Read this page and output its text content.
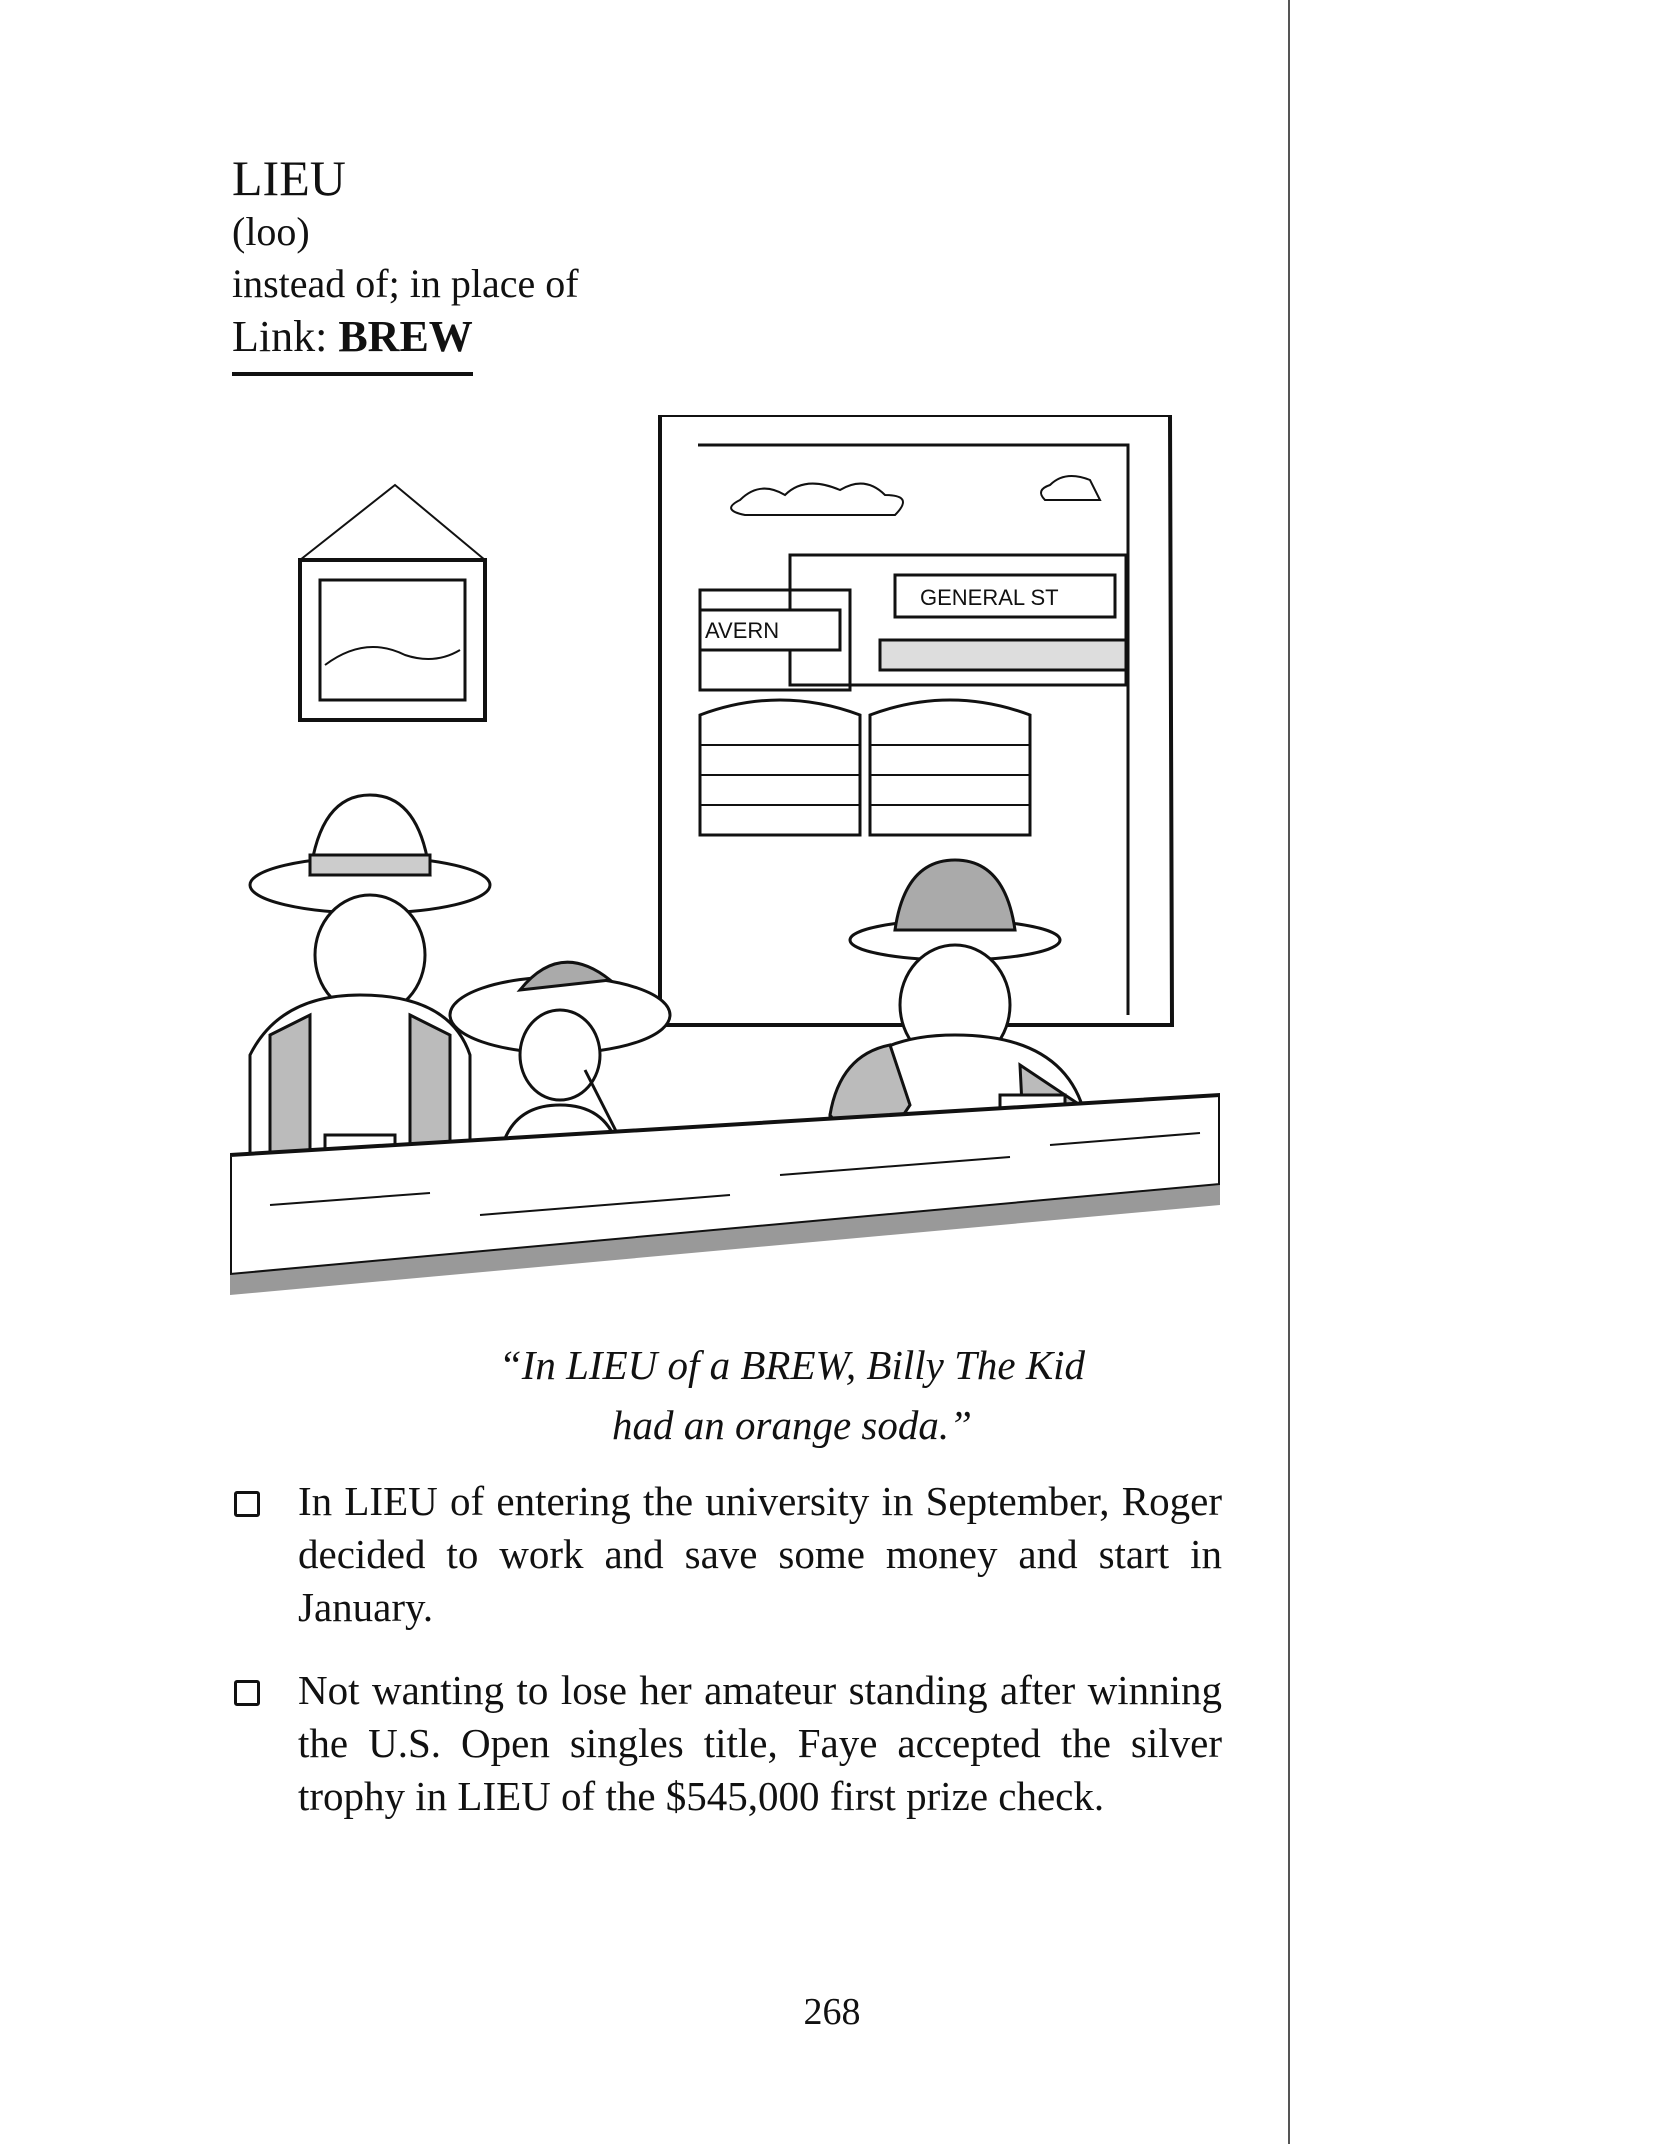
LIEU
(loo)
instead of; in place of
Link: BREW
AVERN
GENERAL ST
“In LIEU of a BREW, Billy The Kid
had an orange soda.”
In LIEU of entering the university in September, Roger decided to work and save some money and start in January.
Not wanting to lose her amateur standing after winning the U.S. Open singles title, Faye accepted the silver trophy in LIEU of the $545,000 first prize check.
268
